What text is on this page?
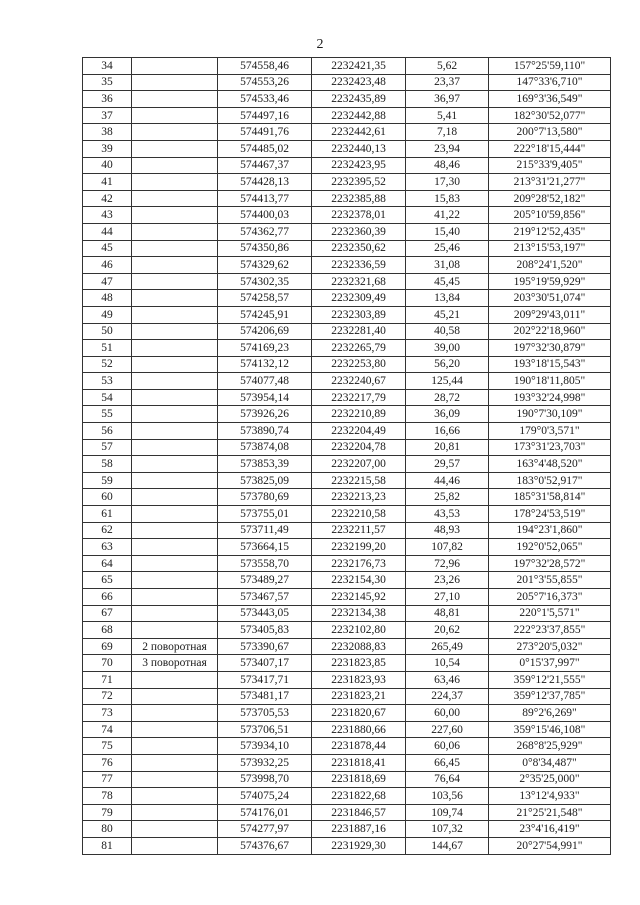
2
34		574558,46	2232421,35	5,62	157°25'59,110"
35		574553,26	2232423,48	23,37	147°33'6,710"
36		574533,46	2232435,89	36,97	169°3'36,549"
37		574497,16	2232442,88	5,41	182°30'52,077"
38		574491,76	2232442,61	7,18	200°7'13,580"
39		574485,02	2232440,13	23,94	222°18'15,444"
40		574467,37	2232423,95	48,46	215°33'9,405"
41		574428,13	2232395,52	17,30	213°31'21,277"
42		574413,77	2232385,88	15,83	209°28'52,182"
43		574400,03	2232378,01	41,22	205°10'59,856"
44		574362,77	2232360,39	15,40	219°12'52,435"
45		574350,86	2232350,62	25,46	213°15'53,197"
46		574329,62	2232336,59	31,08	208°24'1,520"
47		574302,35	2232321,68	45,45	195°19'59,929"
48		574258,57	2232309,49	13,84	203°30'51,074"
49		574245,91	2232303,89	45,21	209°29'43,011"
50		574206,69	2232281,40	40,58	202°22'18,960"
51		574169,23	2232265,79	39,00	197°32'30,879"
52		574132,12	2232253,80	56,20	193°18'15,543"
53		574077,48	2232240,67	125,44	190°18'11,805"
54		573954,14	2232217,79	28,72	193°32'24,998"
55		573926,26	2232210,89	36,09	190°7'30,109"
56		573890,74	2232204,49	16,66	179°0'3,571"
57		573874,08	2232204,78	20,81	173°31'23,703"
58		573853,39	2232207,00	29,57	163°4'48,520"
59		573825,09	2232215,58	44,46	183°0'52,917"
60		573780,69	2232213,23	25,82	185°31'58,814"
61		573755,01	2232210,58	43,53	178°24'53,519"
62		573711,49	2232211,57	48,93	194°23'1,860"
63		573664,15	2232199,20	107,82	192°0'52,065"
64		573558,70	2232176,73	72,96	197°32'28,572"
65		573489,27	2232154,30	23,26	201°3'55,855"
66		573467,57	2232145,92	27,10	205°7'16,373"
67		573443,05	2232134,38	48,81	220°1'5,571"
68		573405,83	2232102,80	20,62	222°23'37,855"
69	2 поворотная	573390,67	2232088,83	265,49	273°20'5,032"
70	3 поворотная	573407,17	2231823,85	10,54	0°15'37,997"
71		573417,71	2231823,93	63,46	359°12'21,555"
72		573481,17	2231823,21	224,37	359°12'37,785"
73		573705,53	2231820,67	60,00	89°2'6,269"
74		573706,51	2231880,66	227,60	359°15'46,108"
75		573934,10	2231878,44	60,06	268°8'25,929"
76		573932,25	2231818,41	66,45	0°8'34,487"
77		573998,70	2231818,69	76,64	2°35'25,000"
78		574075,24	2231822,68	103,56	13°12'4,933"
79		574176,01	2231846,57	109,74	21°25'21,548"
80		574277,97	2231887,16	107,32	23°4'16,419"
81		574376,67	2231929,30	144,67	20°27'54,991"
